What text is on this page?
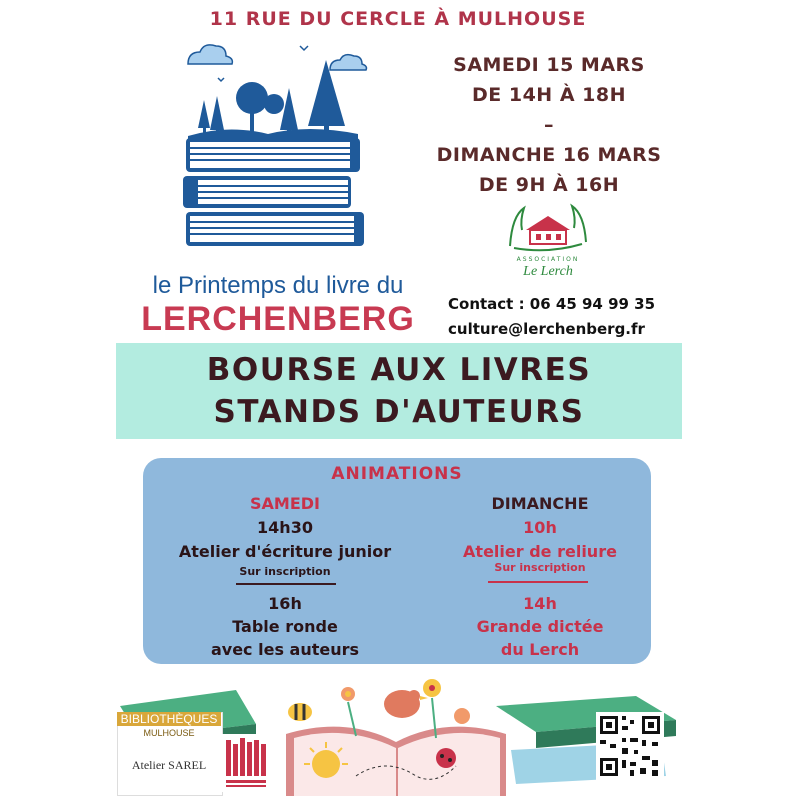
11 RUE DU CERCLE À MULHOUSE
SAMEDI 15 MARS
DE 14H À 18H
–
DIMANCHE 16 MARS
DE 9H À 16H
ASSOCIATION
Le Lerch
le Printemps du livre du
LERCHENBERG	Contact : 06 45 94 99 35
culture@lerchenberg.fr
BOURSE AUX LIVRES
STANDS D'AUTEURS
ANIMATIONS
SAMEDI
14h30
Atelier d'écriture junior
Sur inscription
16h
Table ronde
avec les auteurs
DIMANCHE
10h
Atelier de reliure
Sur inscription
14h
Grande dictée
du Lerch
BIBLIOTHÈQUES
MULHOUSE
Atelier SAREL
